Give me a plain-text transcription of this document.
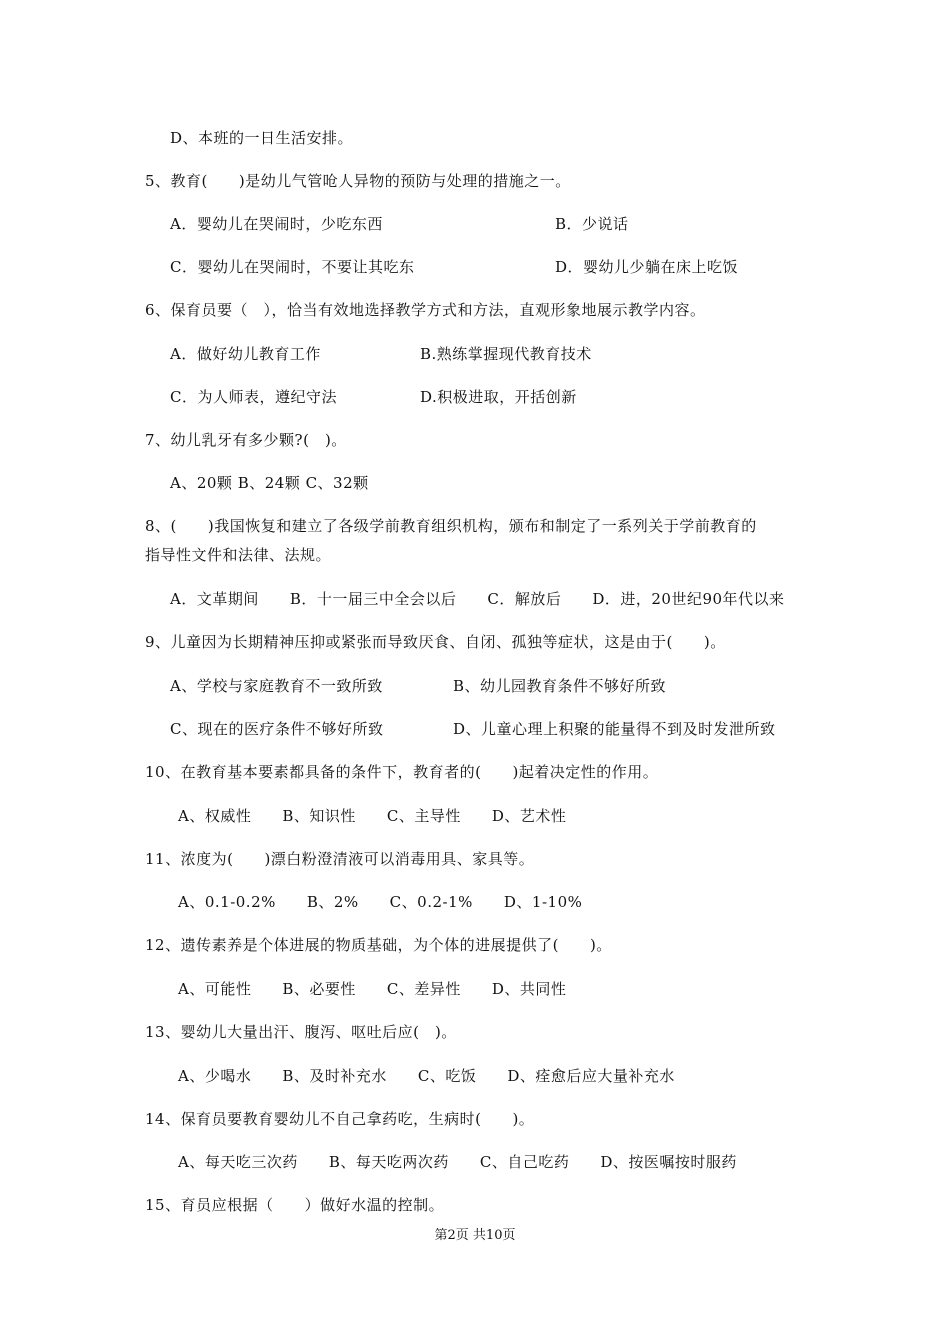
D、本班的一日生活安排。
5、教育(　　)是幼儿气管呛人异物的预防与处理的措施之一。
A．婴幼儿在哭闹时，少吃东西	B．少说话
C．婴幼儿在哭闹时，不要让其吃东	D．婴幼儿少躺在床上吃饭
6、保育员要（　），恰当有效地选择教学方式和方法，直观形象地展示教学内容。
A．做好幼儿教育工作	B.熟练掌握现代教育技术
C．为人师表，遵纪守法	D.积极进取，开括创新
7、幼儿乳牙有多少颗?(　)。
A、20颗 B、24颗 C、32颗
8、(　　)我国恢复和建立了各级学前教育组织机构，颁布和制定了一系列关于学前教育的
指导性文件和法律、法规。
A．文革期间　　B．十一届三中全会以后　　C．解放后　　D．进，20世纪90年代以来
9、儿童因为长期精神压抑或紧张而导致厌食、自闭、孤独等症状，这是由于(　　)。
A、学校与家庭教育不一致所致	B、幼儿园教育条件不够好所致
C、现在的医疗条件不够好所致	D、儿童心理上积聚的能量得不到及时发泄所致
10、在教育基本要素都具备的条件下，教育者的(　　)起着决定性的作用。
A、权威性　　B、知识性　　C、主导性　　D、艺术性
11、浓度为(　　)漂白粉澄清液可以消毒用具、家具等。
A、0.1-0.2%　　B、2%　　C、0.2-1%　　D、1-10%
12、遗传素养是个体进展的物质基础，为个体的进展提供了(　　)。
A、可能性　　B、必要性　　C、差异性　　D、共同性
13、婴幼儿大量出汗、腹泻、呕吐后应(　)。
A、少喝水　　B、及时补充水　　C、吃饭　　D、痊愈后应大量补充水
14、保育员要教育婴幼儿不自己拿药吃，生病时(　　)。
A、每天吃三次药　　B、每天吃两次药　　C、自己吃药　　D、按医嘱按时服药
15、育员应根据（　　）做好水温的控制。
第2页 共10页
